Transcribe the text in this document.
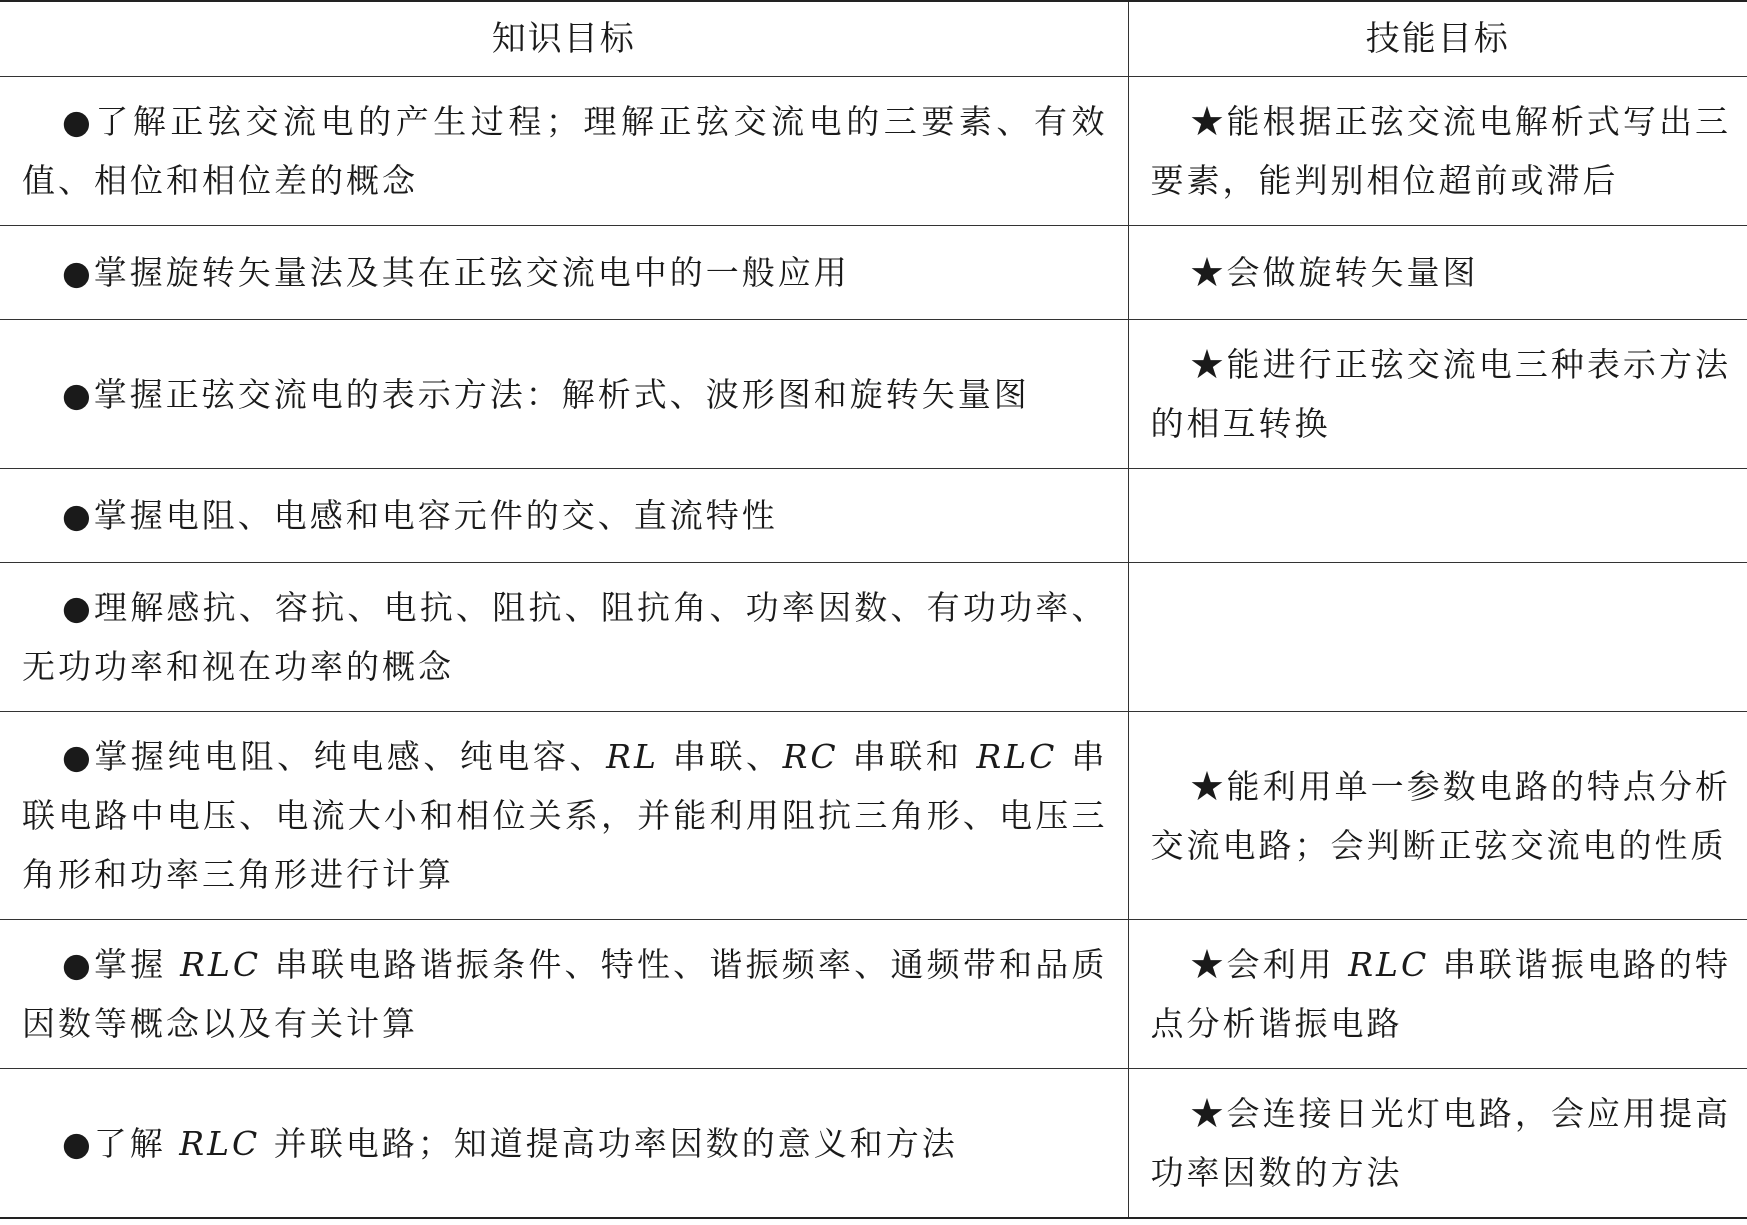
知识目标	技能目标
●了解正弦交流电的产生过程；理解正弦交流电的三要素、有效值、相位和相位差的概念	★能根据正弦交流电解析式写出三要素，能判别相位超前或滞后
●掌握旋转矢量法及其在正弦交流电中的一般应用	★会做旋转矢量图
●掌握正弦交流电的表示方法：解析式、波形图和旋转矢量图	★能进行正弦交流电三种表示方法的相互转换
●掌握电阻、电感和电容元件的交、直流特性	
●理解感抗、容抗、电抗、阻抗、阻抗角、功率因数、有功功率、无功功率和视在功率的概念	
●掌握纯电阻、纯电感、纯电容、RL 串联、RC 串联和 RLC 串联电路中电压、电流大小和相位关系，并能利用阻抗三角形、电压三角形和功率三角形进行计算	★能利用单一参数电路的特点分析交流电路；会判断正弦交流电的性质
●掌握 RLC 串联电路谐振条件、特性、谐振频率、通频带和品质因数等概念以及有关计算	★会利用 RLC 串联谐振电路的特点分析谐振电路
●了解 RLC 并联电路；知道提高功率因数的意义和方法	★会连接日光灯电路，会应用提高功率因数的方法
